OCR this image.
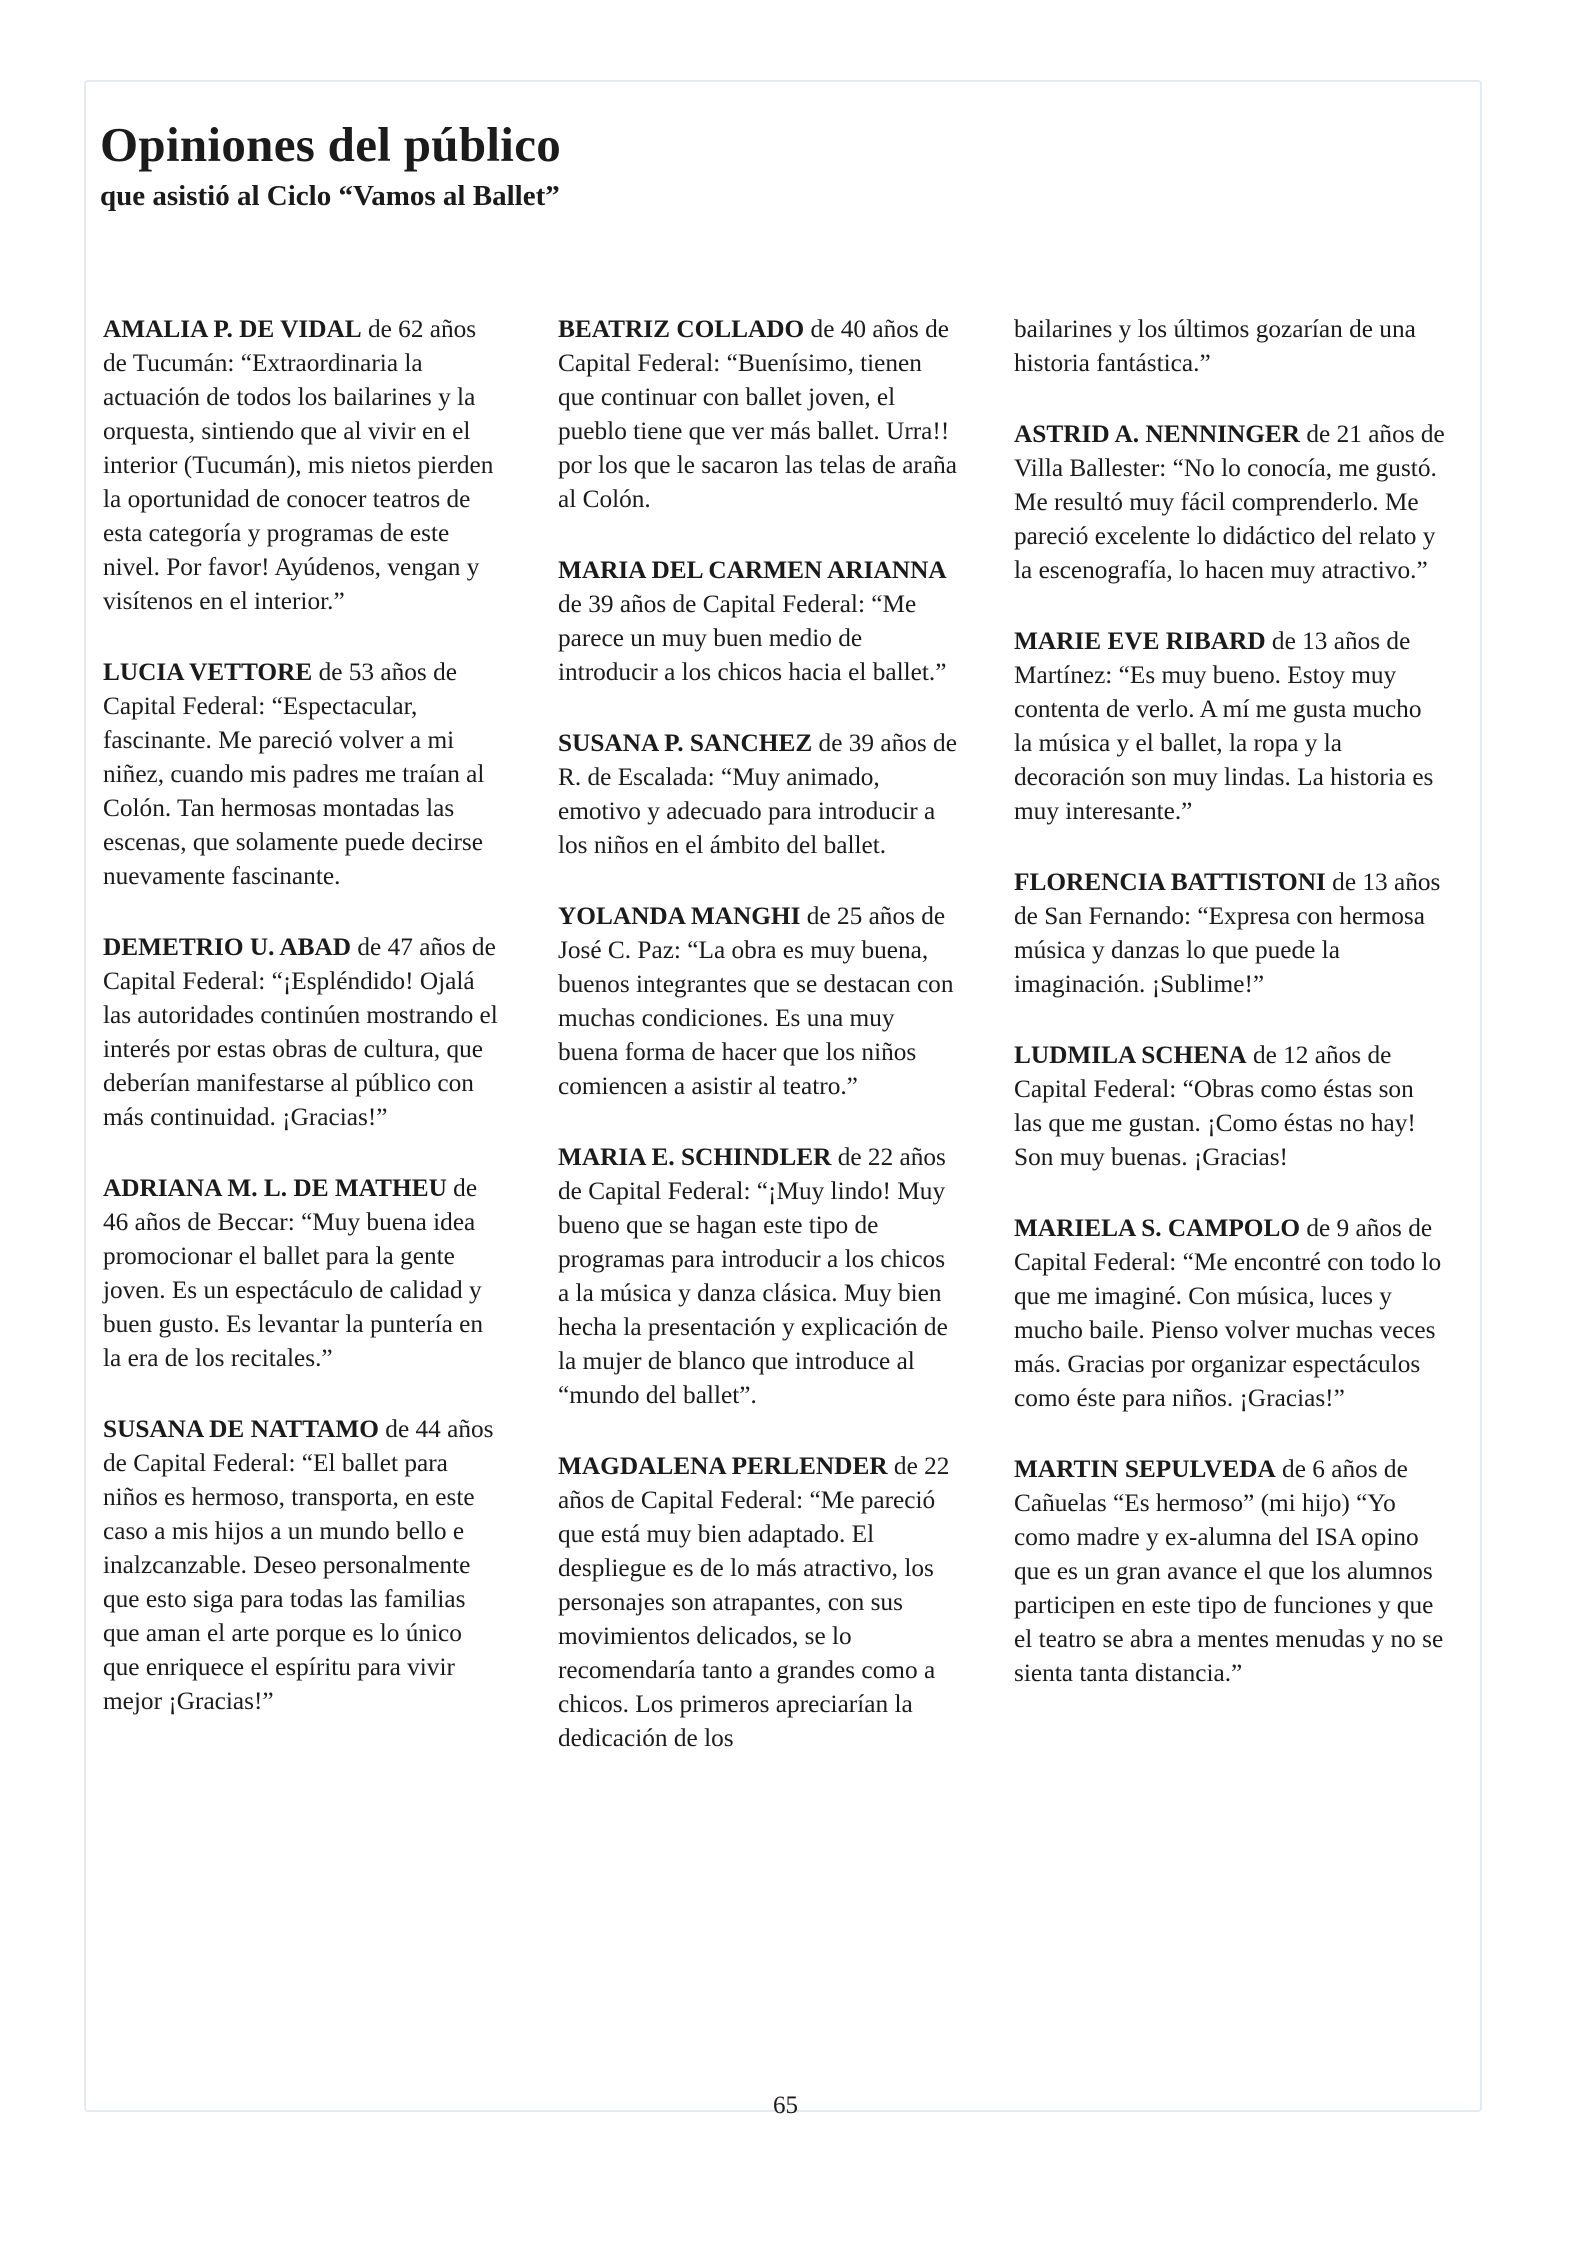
Opiniones del público

que asistió al Ciclo “Vamos al Ballet”

AMALIA P. DE VIDAL de 62 años de Tucumán: “Extraordinaria la actuación de todos los bailarines y la orquesta, sintiendo que al vivir en el interior (Tucumán), mis nietos pierden la oportunidad de conocer teatros de esta categoría y programas de este nivel. Por favor! Ayúdenos, vengan y visítenos en el interior.”

LUCIA VETTORE de 53 años de Capital Federal: “Espectacular, fascinante. Me pareció volver a mi niñez, cuando mis padres me traían al Colón. Tan hermosas montadas las escenas, que solamente puede decirse nuevamente fascinante.

DEMETRIO U. ABAD de 47 años de Capital Federal: “¡Espléndido! Ojalá las autoridades continúen mostrando el interés por estas obras de cultura, que deberían manifestarse al público con más continuidad. ¡Gracias!”

ADRIANA M. L. DE MATHEU de 46 años de Beccar: “Muy buena idea promocionar el ballet para la gente joven. Es un espectáculo de calidad y buen gusto. Es levantar la puntería en la era de los recitales.”

SUSANA DE NATTAMO de 44 años de Capital Federal: “El ballet para niños es hermoso, transporta, en este caso a mis hijos a un mundo bello e inalzcanzable. Deseo personalmente que esto siga para todas las familias que aman el arte porque es lo único que enriquece el espíritu para vivir mejor ¡Gracias!”

BEATRIZ COLLADO de 40 años de Capital Federal: “Buenísimo, tienen que continuar con ballet joven, el pueblo tiene que ver más ballet. Urra!! por los que le sacaron las telas de araña al Colón.

MARIA DEL CARMEN ARIANNA de 39 años de Capital Federal: “Me parece un muy buen medio de introducir a los chicos hacia el ballet.”

SUSANA P. SANCHEZ de 39 años de R. de Escalada: “Muy animado, emotivo y adecuado para introducir a los niños en el ámbito del ballet.

YOLANDA MANGHI de 25 años de José C. Paz: “La obra es muy buena, buenos integrantes que se destacan con muchas condiciones. Es una muy buena forma de hacer que los niños comiencen a asistir al teatro.”

MARIA E. SCHINDLER de 22 años de Capital Federal: “¡Muy lindo! Muy bueno que se hagan este tipo de programas para introducir a los chicos a la música y danza clásica. Muy bien hecha la presentación y explicación de la mujer de blanco que introduce al “mundo del ballet”.

MAGDALENA PERLENDER de 22 años de Capital Federal: “Me pareció que está muy bien adaptado. El despliegue es de lo más atractivo, los personajes son atrapantes, con sus movimientos delicados, se lo recomendaría tanto a grandes como a chicos. Los primeros apreciarían la dedicación de los

bailarines y los últimos gozarían de una historia fantástica.”

ASTRID A. NENNINGER de 21 años de Villa Ballester: “No lo conocía, me gustó. Me resultó muy fácil comprenderlo. Me pareció excelente lo didáctico del relato y la escenografía, lo hacen muy atractivo.”

MARIE EVE RIBARD de 13 años de Martínez: “Es muy bueno. Estoy muy contenta de verlo. A mí me gusta mucho la música y el ballet, la ropa y la decoración son muy lindas. La historia es muy interesante.”

FLORENCIA BATTISTONI de 13 años de San Fernando: “Expresa con hermosa música y danzas lo que puede la imaginación. ¡Sublime!”

LUDMILA SCHENA de 12 años de Capital Federal: “Obras como éstas son las que me gustan. ¡Como éstas no hay! Son muy buenas. ¡Gracias!

MARIELA S. CAMPOLO de 9 años de Capital Federal: “Me encontré con todo lo que me imaginé. Con música, luces y mucho baile. Pienso volver muchas veces más. Gracias por organizar espectáculos como éste para niños. ¡Gracias!”

MARTIN SEPULVEDA de 6 años de Cañuelas “Es hermoso” (mi hijo) “Yo como madre y ex-alumna del ISA opino que es un gran avance el que los alumnos participen en este tipo de funciones y que el teatro se abra a mentes menudas y no se sienta tanta distancia.”

65
